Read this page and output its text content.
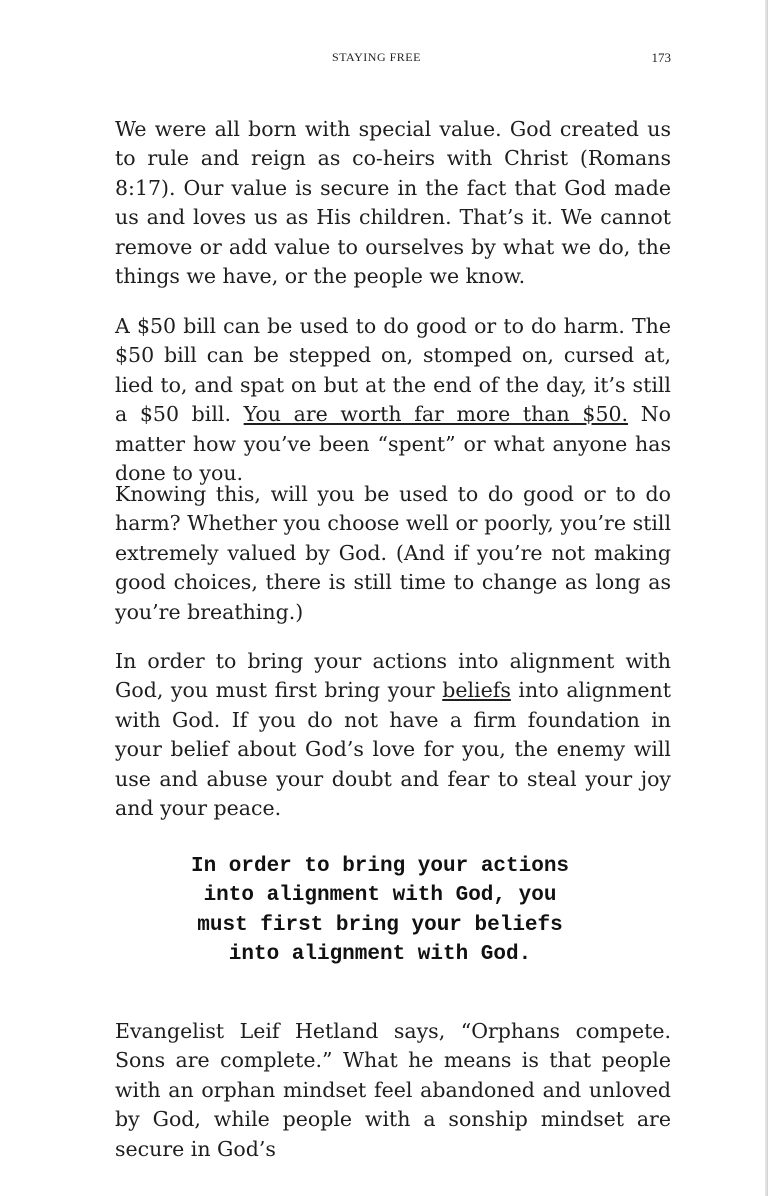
STAYING FREE	173

We were all born with special value. God created us to rule and reign as co-heirs with Christ (Romans 8:17). Our value is secure in the fact that God made us and loves us as His children. That’s it. We cannot remove or add value to ourselves by what we do, the things we have, or the people we know.

A $50 bill can be used to do good or to do harm. The $50 bill can be stepped on, stomped on, cursed at, lied to, and spat on but at the end of the day, it’s still a $50 bill. You are worth far more than $50. No matter how you’ve been “spent” or what anyone has done to you.

Knowing this, will you be used to do good or to do harm? Whether you choose well or poorly, you’re still extremely valued by God. (And if you’re not making good choices, there is still time to change as long as you’re breathing.)

In order to bring your actions into alignment with God, you must first bring your beliefs into alignment with God. If you do not have a firm foundation in your belief about God’s love for you, the enemy will use and abuse your doubt and fear to steal your joy and your peace.

In order to bring your actions
into alignment with God, you
must first bring your beliefs
into alignment with God.

Evangelist Leif Hetland says, “Orphans compete. Sons are complete.” What he means is that people with an orphan mindset feel abandoned and unloved by God, while people with a sonship mindset are secure in God’s
